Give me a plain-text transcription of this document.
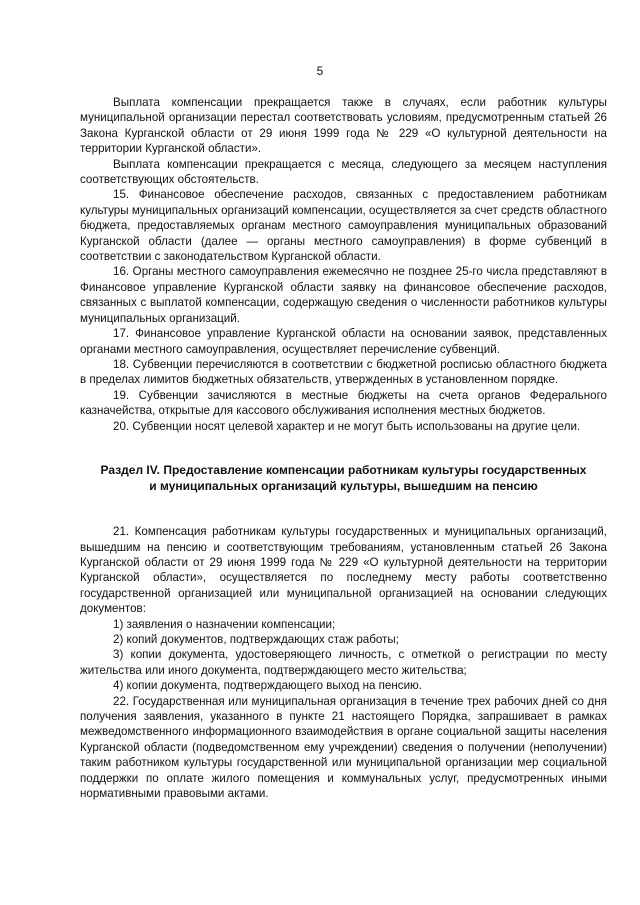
5

Выплата компенсации прекращается также в случаях, если работник культуры муниципальной организации перестал соответствовать условиям, предусмотренным статьей 26 Закона Курганской области от 29 июня 1999 года № 229 «О культурной деятельности на территории Курганской области».

Выплата компенсации прекращается с месяца, следующего за месяцем наступления соответствующих обстоятельств.

15. Финансовое обеспечение расходов, связанных с предоставлением работникам культуры муниципальных организаций компенсации, осуществляется за счет средств областного бюджета, предоставляемых органам местного самоуправления муниципальных образований Курганской области (далее — органы местного самоуправления) в форме субвенций в соответствии с законодательством Курганской области.

16. Органы местного самоуправления ежемесячно не позднее 25-го числа представляют в Финансовое управление Курганской области заявку на финансовое обеспечение расходов, связанных с выплатой компенсации, содержащую сведения о численности работников культуры муниципальных организаций.

17. Финансовое управление Курганской области на основании заявок, представленных органами местного самоуправления, осуществляет перечисление субвенций.

18. Субвенции перечисляются в соответствии с бюджетной росписью областного бюджета в пределах лимитов бюджетных обязательств, утвержденных в установленном порядке.

19. Субвенции зачисляются в местные бюджеты на счета органов Федерального казначейства, открытые для кассового обслуживания исполнения местных бюджетов.

20. Субвенции носят целевой характер и не могут быть использованы на другие цели.

Раздел IV. Предоставление компенсации работникам культуры государственных
и муниципальных организаций культуры, вышедшим на пенсию

21. Компенсация работникам культуры государственных и муниципальных организаций, вышедшим на пенсию и соответствующим требованиям, установленным статьей 26 Закона Курганской области от 29 июня 1999 года № 229 «О культурной деятельности на территории Курганской области», осуществляется по последнему месту работы соответственно государственной организацией или муниципальной организацией на основании следующих документов:

1) заявления о назначении компенсации;

2) копий документов, подтверждающих стаж работы;

3) копии документа, удостоверяющего личность, с отметкой о регистрации по месту жительства или иного документа, подтверждающего место жительства;

4) копии документа, подтверждающего выход на пенсию.

22. Государственная или муниципальная организация в течение трех рабочих дней со дня получения заявления, указанного в пункте 21 настоящего Порядка, запрашивает в рамках межведомственного информационного взаимодействия в органе социальной защиты населения Курганской области (подведомственном ему учреждении) сведения о получении (неполучении) таким работником культуры государственной или муниципальной организации мер социальной поддержки по оплате жилого помещения и коммунальных услуг, предусмотренных иными нормативными правовыми актами.
